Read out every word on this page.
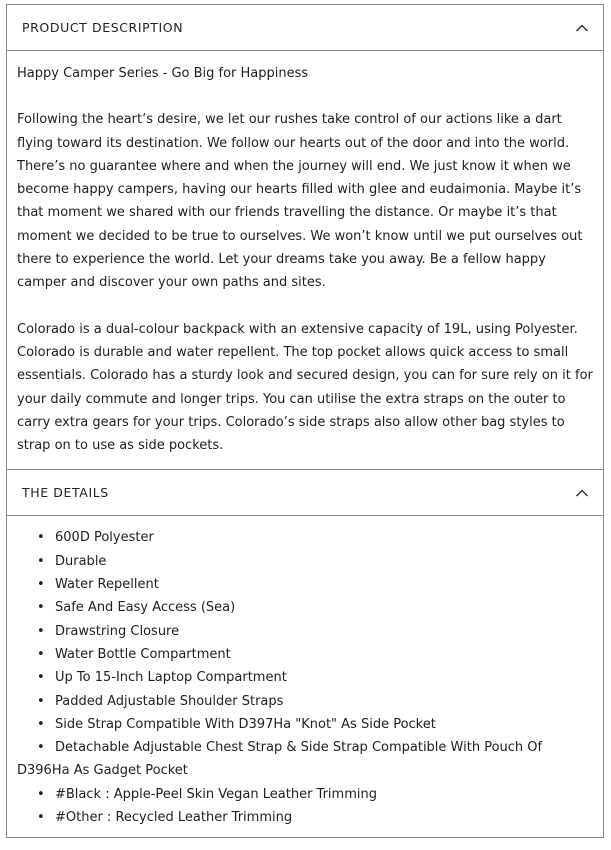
PRODUCT DESCRIPTION

Happy Camper Series - Go Big for Happiness

Following the heart’s desire, we let our rushes take control of our actions like a dart flying toward its destination. We follow our hearts out of the door and into the world. There’s no guarantee where and when the journey will end. We just know it when we become happy campers, having our hearts filled with glee and eudaimonia. Maybe it’s that moment we shared with our friends travelling the distance. Or maybe it’s that moment we decided to be true to ourselves. We won’t know until we put ourselves out there to experience the world. Let your dreams take you away. Be a fellow happy camper and discover your own paths and sites.

Colorado is a dual-colour backpack with an extensive capacity of 19L, using Polyester. Colorado is durable and water repellent. The top pocket allows quick access to small essentials. Colorado has a sturdy look and secured design, you can for sure rely on it for your daily commute and longer trips. You can utilise the extra straps on the outer to carry extra gears for your trips. Colorado’s side straps also allow other bag styles to strap on to use as side pockets.

THE DETAILS
• 600D Polyester
• Durable
• Water Repellent
• Safe And Easy Access (Sea)
• Drawstring Closure
• Water Bottle Compartment
• Up To 15-Inch Laptop Compartment
• Padded Adjustable Shoulder Straps
• Side Strap Compatible With D397Ha "Knot" As Side Pocket
• Detachable Adjustable Chest Strap & Side Strap Compatible With Pouch Of D396Ha As Gadget Pocket
• #Black : Apple-Peel Skin Vegan Leather Trimming
• #Other : Recycled Leather Trimming
